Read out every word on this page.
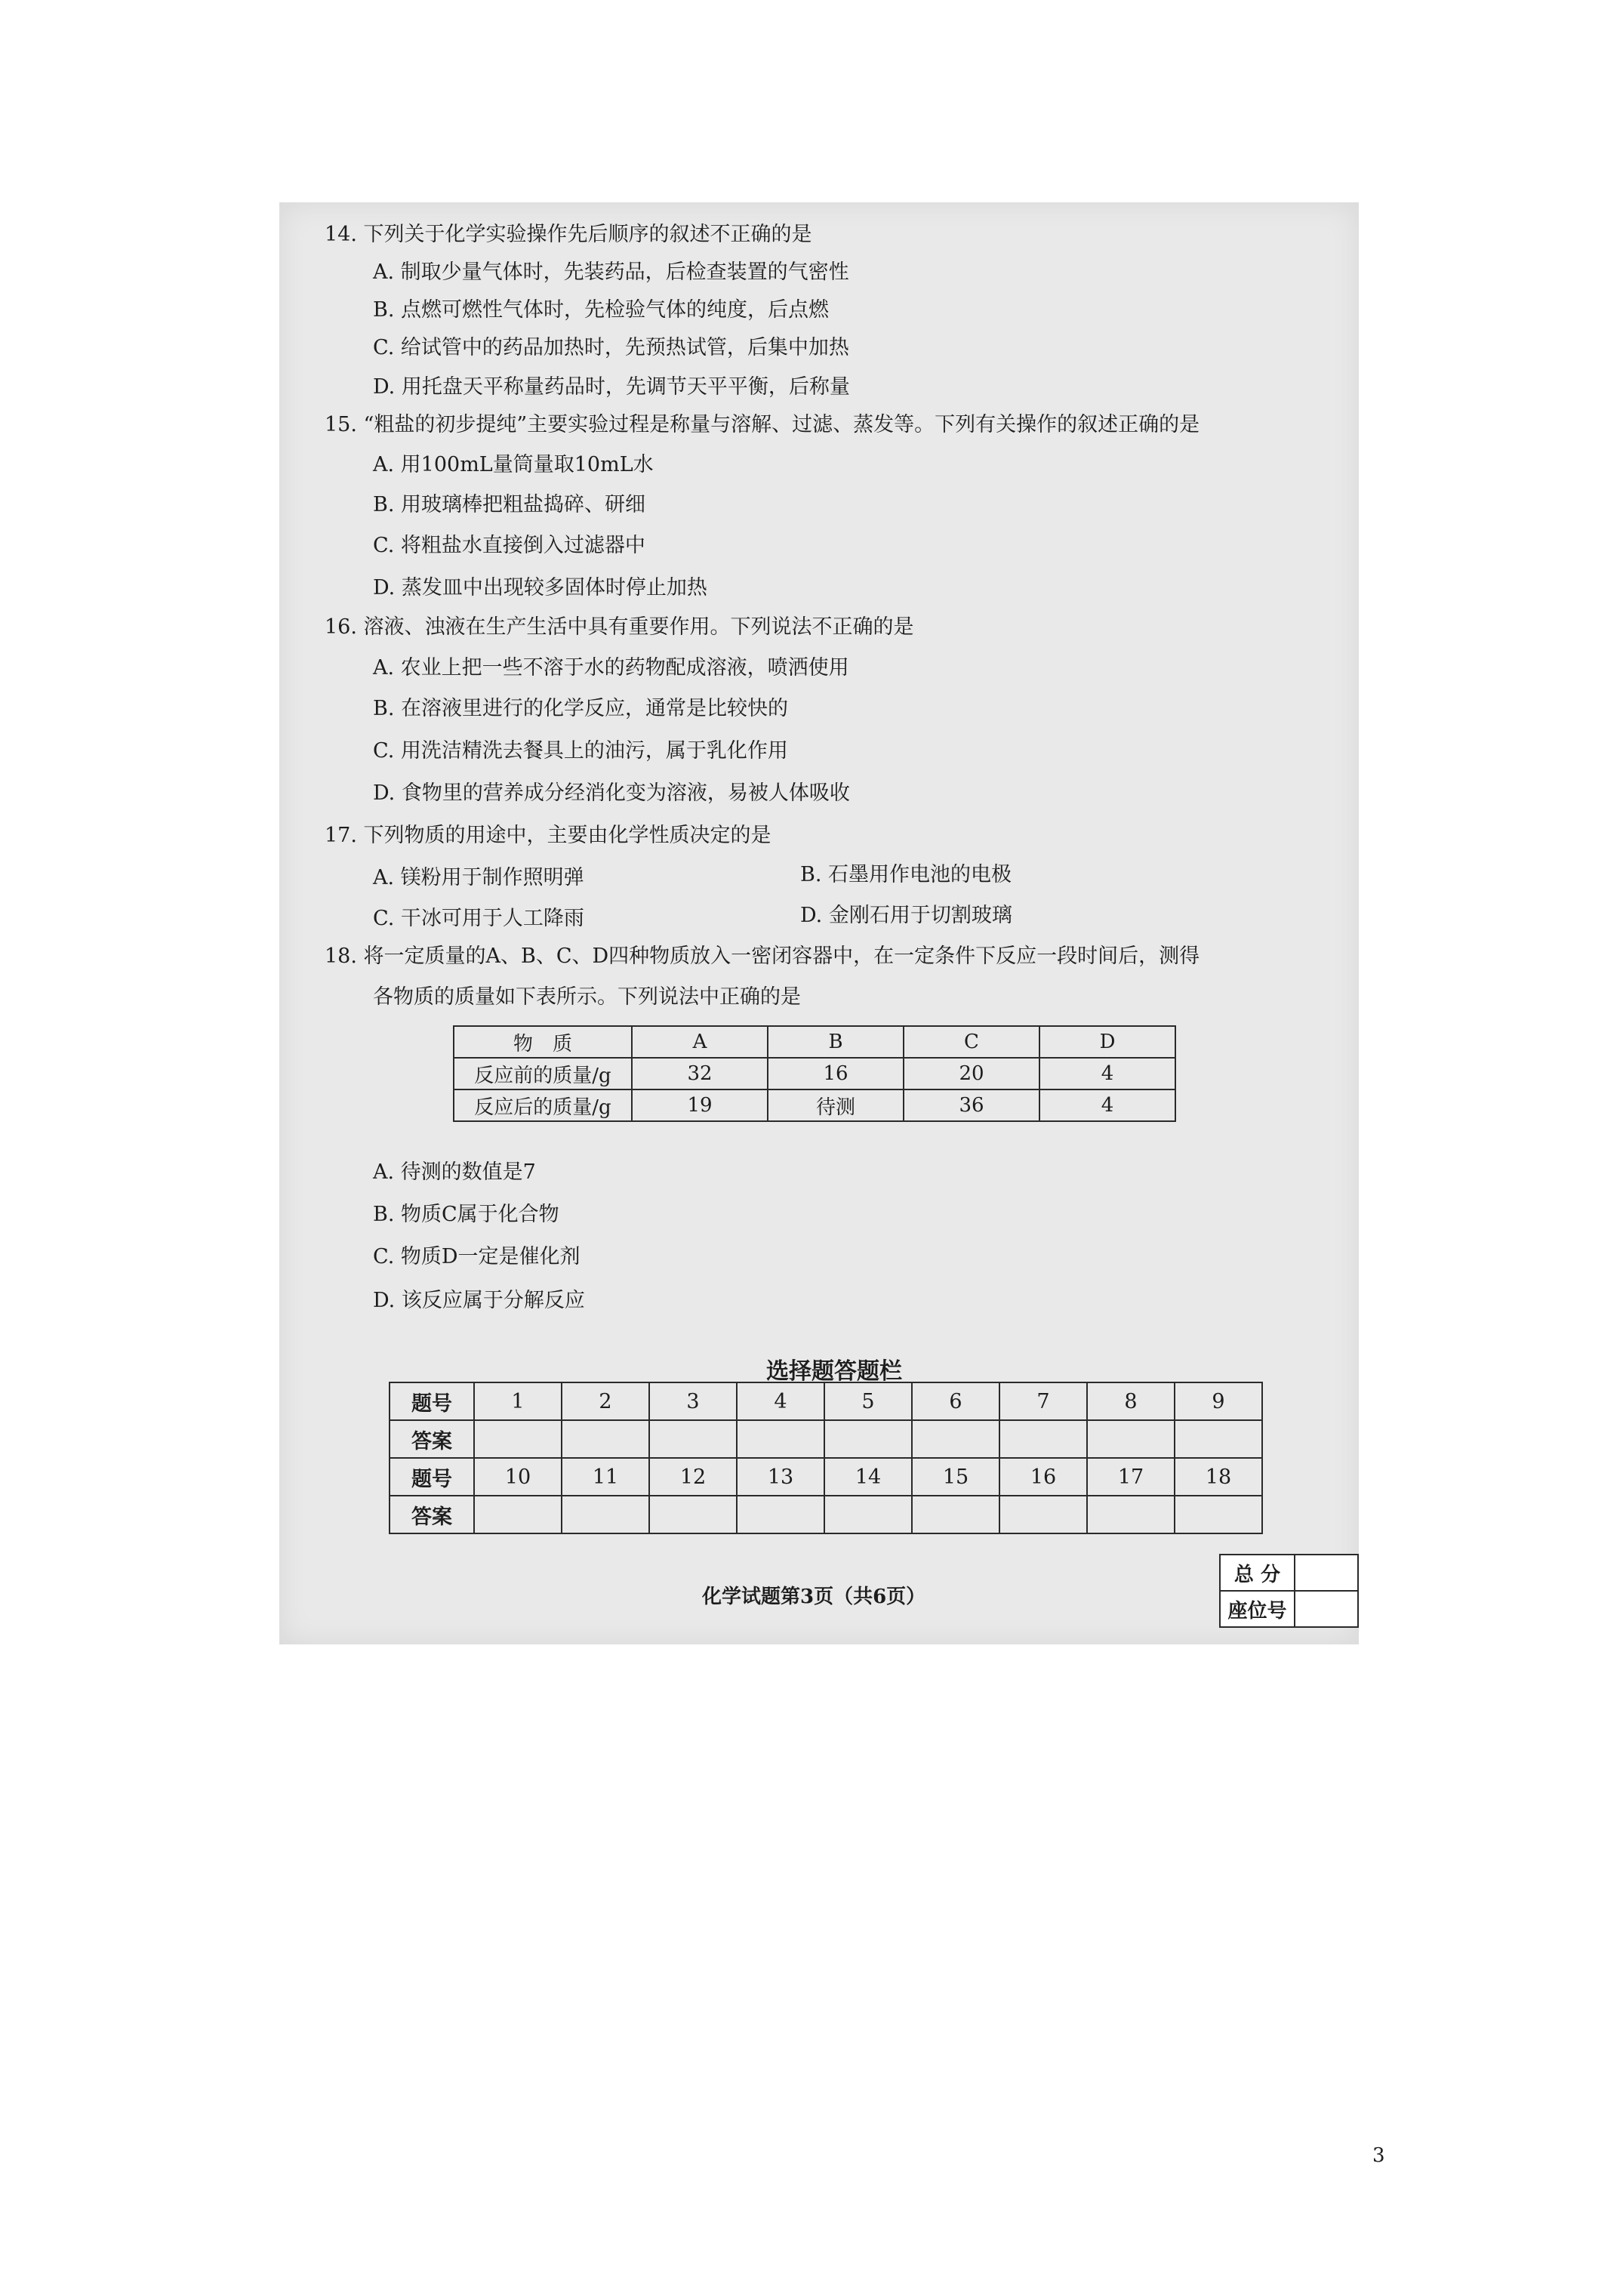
14. 下列关于化学实验操作先后顺序的叙述不正确的是
A. 制取少量气体时，先装药品，后检查装置的气密性
B. 点燃可燃性气体时，先检验气体的纯度，后点燃
C. 给试管中的药品加热时，先预热试管，后集中加热
D. 用托盘天平称量药品时，先调节天平平衡，后称量
15. “粗盐的初步提纯”主要实验过程是称量与溶解、过滤、蒸发等。下列有关操作的叙述正确的是
A. 用100mL量筒量取10mL水
B. 用玻璃棒把粗盐捣碎、研细
C. 将粗盐水直接倒入过滤器中
D. 蒸发皿中出现较多固体时停止加热
16. 溶液、浊液在生产生活中具有重要作用。下列说法不正确的是
A. 农业上把一些不溶于水的药物配成溶液，喷洒使用
B. 在溶液里进行的化学反应，通常是比较快的
C. 用洗洁精洗去餐具上的油污，属于乳化作用
D. 食物里的营养成分经消化变为溶液，易被人体吸收
17. 下列物质的用途中，主要由化学性质决定的是
A. 镁粉用于制作照明弹	B. 石墨用作电池的电极
C. 干冰可用于人工降雨	D. 金刚石用于切割玻璃
18. 将一定质量的A、B、C、D四种物质放入一密闭容器中，在一定条件下反应一段时间后，测得
各物质的质量如下表所示。下列说法中正确的是
物　质	A	B	C	D
反应前的质量/g	32	16	20	4
反应后的质量/g	19	待测	36	4
A. 待测的数值是7
B. 物质C属于化合物
C. 物质D一定是催化剂
D. 该反应属于分解反应
选择题答题栏
题号	1	2	3	4	5	6	7	8	9
答案									
题号	10	11	12	13	14	15	16	17	18
答案									
化学试题第3页（共6页）
总 分	
座位号	
3
